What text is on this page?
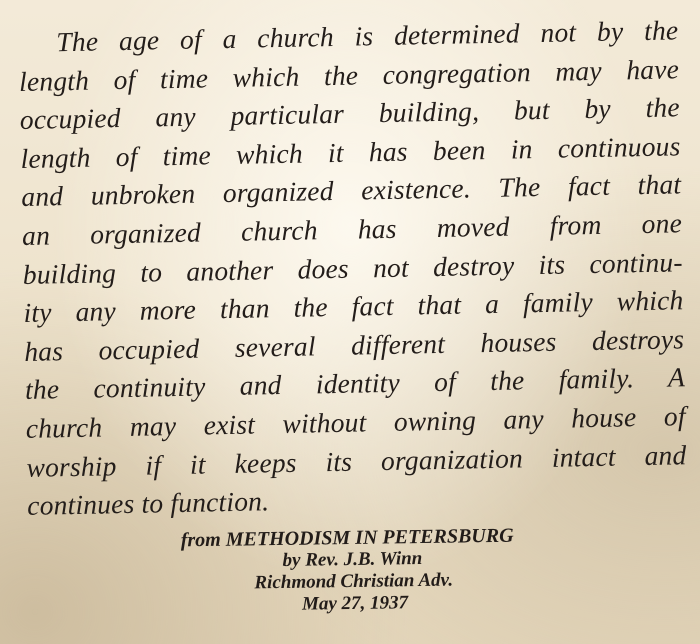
The age of a church is determined not by the
length of time which the congregation may have
occupied any particular building, but by the
length of time which it has been in continuous
and unbroken organized existence. The fact that
an organized church has moved from one
building to another does not destroy its continu-
ity any more than the fact that a family which
has occupied several different houses destroys
the continuity and identity of the family. A
church may exist without owning any house of
worship if it keeps its organization intact and
continues to function.
from METHODISM IN PETERSBURG
by Rev. J.B. Winn
Richmond Christian Adv.
May 27, 1937
